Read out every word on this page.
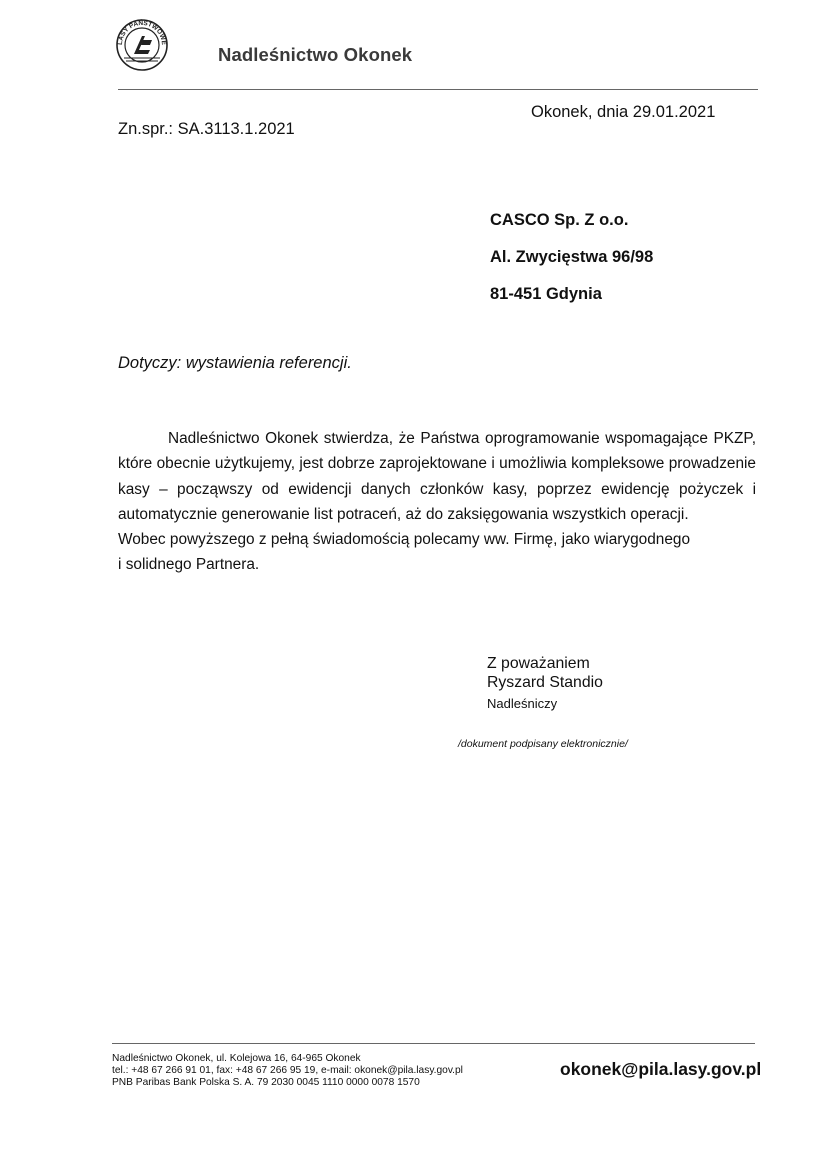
LASY PAŃSTWOWE
Nadleśnictwo Okonek
Okonek, dnia 29.01.2021
Zn.spr.: SA.3113.1.2021
CASCO Sp. Z o.o.
Al. Zwycięstwa 96/98
81-451 Gdynia
Dotyczy: wystawienia referencji.

Nadleśnictwo Okonek stwierdza, że Państwa oprogramowanie wspomagające PKZP, które obecnie użytkujemy, jest dobrze zaprojektowane i umożliwia kompleksowe prowadzenie kasy – począwszy od ewidencji danych członków kasy, poprzez ewidencję pożyczek i automatycznie generowanie list potraceń, aż do zaksięgowania wszystkich operacji.

Wobec powyższego z pełną świadomością polecamy ww. Firmę, jako wiarygodnego

i solidnego Partnera.

Z poważaniem
Ryszard Standio
Nadleśniczy
/dokument podpisany elektronicznie/
Nadleśnictwo Okonek, ul. Kolejowa 16, 64-965 Okonek
tel.: +48 67 266 91 01, fax: +48 67 266 95 19, e-mail: okonek@pila.lasy.gov.pl
PNB Paribas Bank Polska S. A. 79 2030 0045 1110 0000 0078 1570
okonek@pila.lasy.gov.pl
